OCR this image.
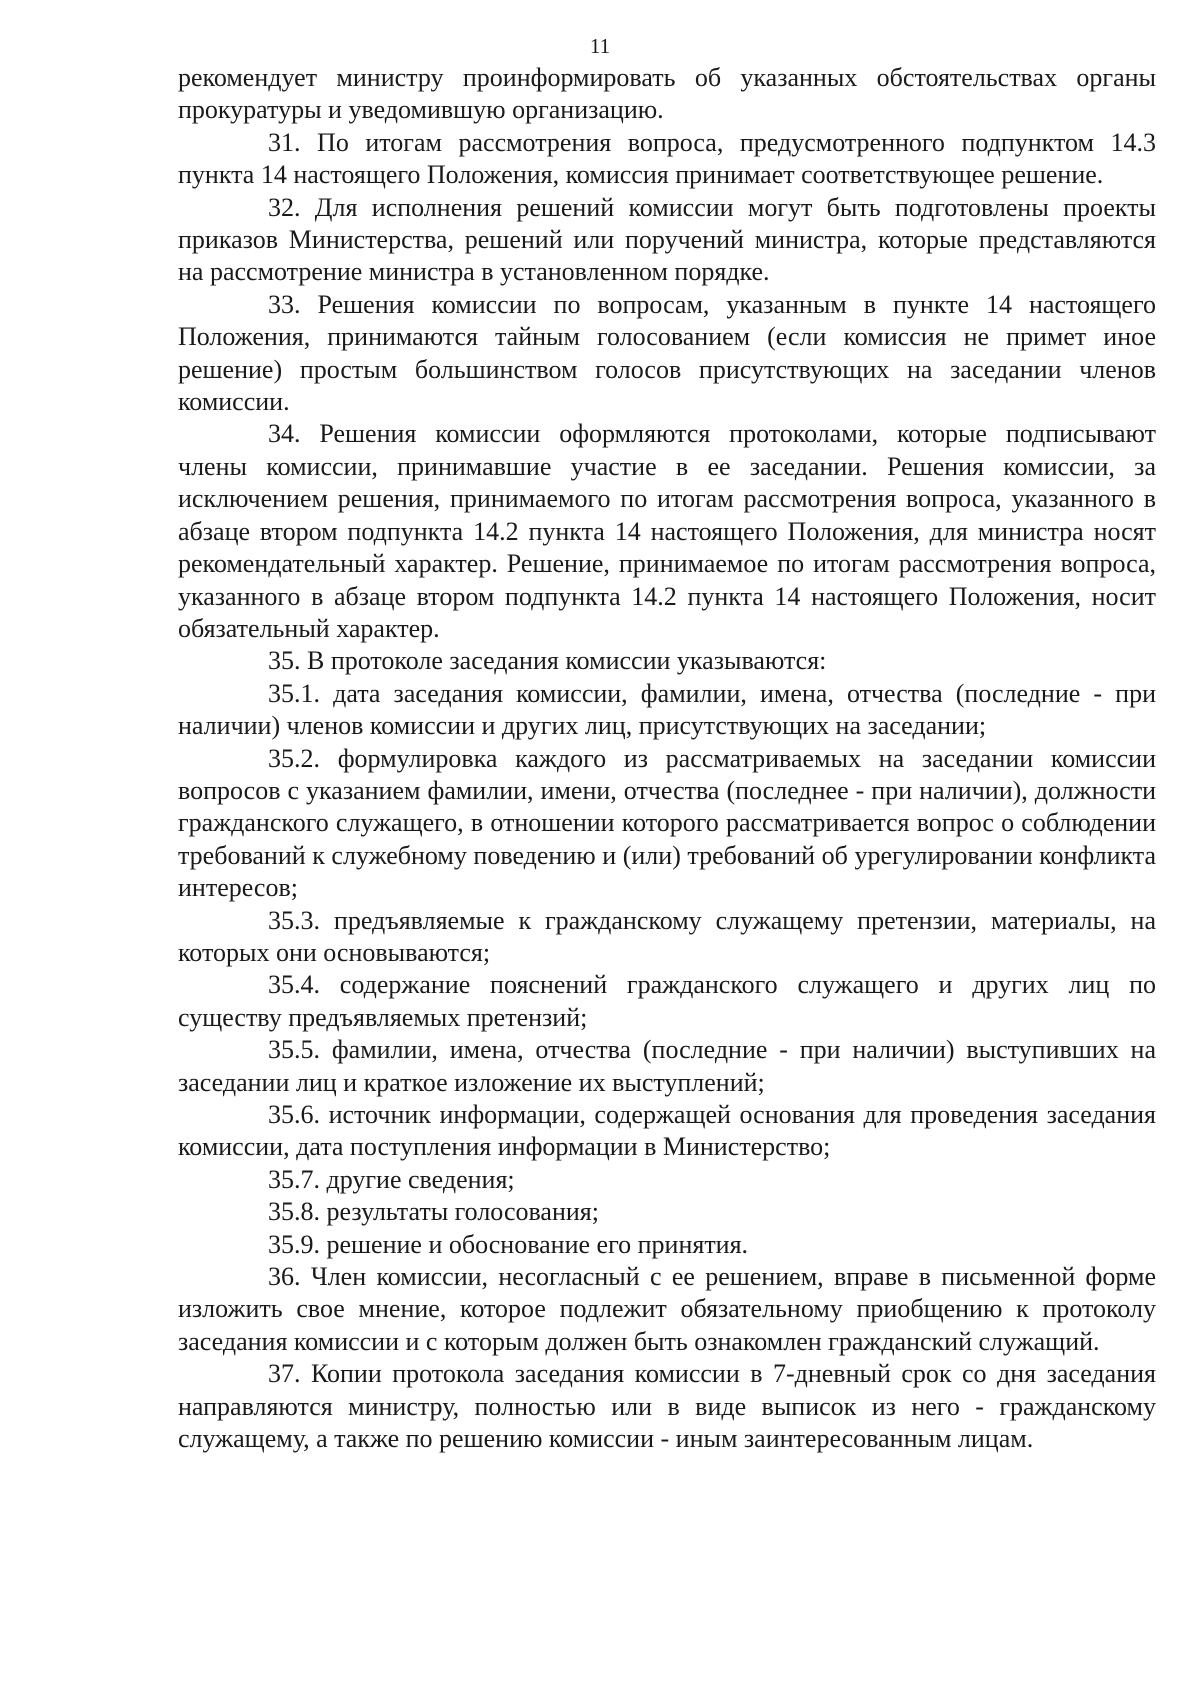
11

рекомендует министру проинформировать об указанных обстоятельствах органы прокуратуры и уведомившую организацию.

31. По итогам рассмотрения вопроса, предусмотренного подпунктом 14.3 пункта 14 настоящего Положения, комиссия принимает соответствующее решение.

32. Для исполнения решений комиссии могут быть подготовлены проекты приказов Министерства, решений или поручений министра, которые представляются на рассмотрение министра в установленном порядке.

33. Решения комиссии по вопросам, указанным в пункте 14 настоящего Положения, принимаются тайным голосованием (если комиссия не примет иное решение) простым большинством голосов присутствующих на заседании членов комиссии.

34. Решения комиссии оформляются протоколами, которые подписывают члены комиссии, принимавшие участие в ее заседании. Решения комиссии, за исключением решения, принимаемого по итогам рассмотрения вопроса, указанного в абзаце втором подпункта 14.2 пункта 14 настоящего Положения, для министра носят рекомендательный характер. Решение, принимаемое по итогам рассмотрения вопроса, указанного в абзаце втором подпункта 14.2 пункта 14 настоящего Положения, носит обязательный характер.

35. В протоколе заседания комиссии указываются:

35.1. дата заседания комиссии, фамилии, имена, отчества (последние - при наличии) членов комиссии и других лиц, присутствующих на заседании;

35.2. формулировка каждого из рассматриваемых на заседании комиссии вопросов с указанием фамилии, имени, отчества (последнее - при наличии), должности гражданского служащего, в отношении которого рассматривается вопрос о соблюдении требований к служебному поведению и (или) требований об урегулировании конфликта интересов;

35.3. предъявляемые к гражданскому служащему претензии, материалы, на которых они основываются;

35.4. содержание пояснений гражданского служащего и других лиц по существу предъявляемых претензий;

35.5. фамилии, имена, отчества (последние - при наличии) выступивших на заседании лиц и краткое изложение их выступлений;

35.6. источник информации, содержащей основания для проведения заседания комиссии, дата поступления информации в Министерство;

35.7. другие сведения;

35.8. результаты голосования;

35.9. решение и обоснование его принятия.

36. Член комиссии, несогласный с ее решением, вправе в письменной форме изложить свое мнение, которое подлежит обязательному приобщению к протоколу заседания комиссии и с которым должен быть ознакомлен гражданский служащий.

37. Копии протокола заседания комиссии в 7-дневный срок со дня заседания направляются министру, полностью или в виде выписок из него - гражданскому служащему, а также по решению комиссии - иным заинтересованным лицам.
